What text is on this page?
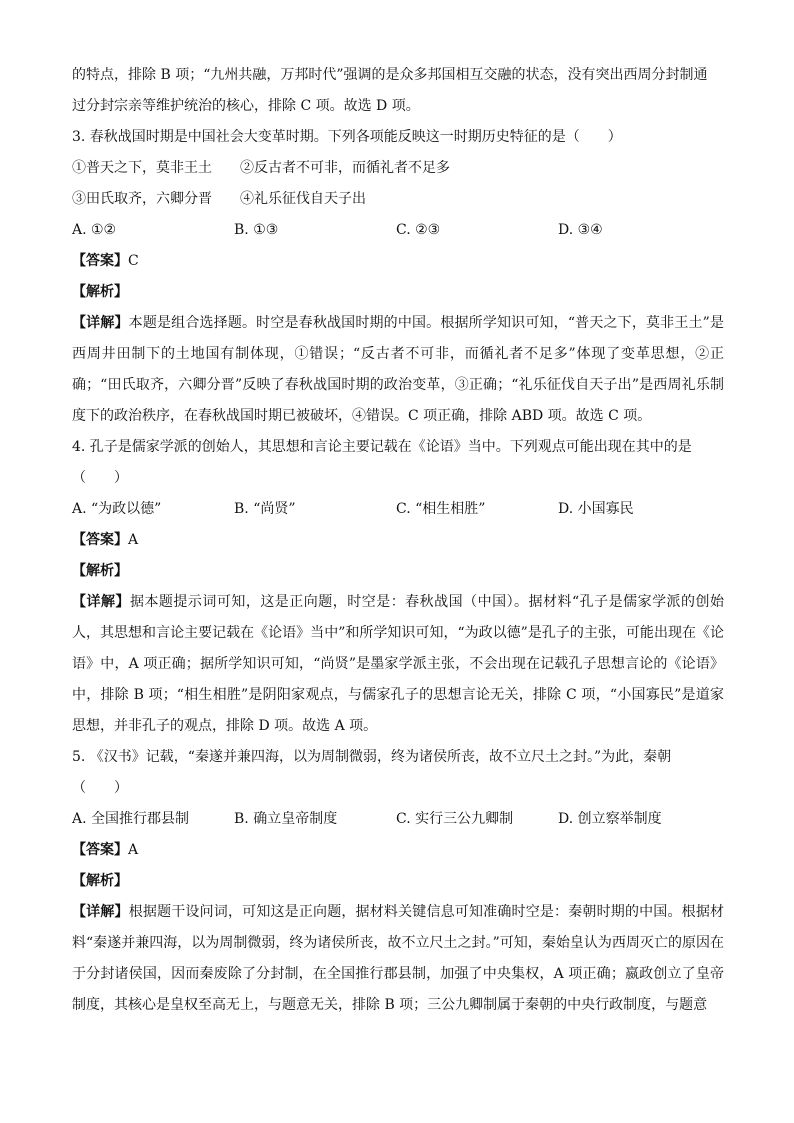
的特点，排除 B 项；“九州共融，万邦时代”强调的是众多邦国相互交融的状态，没有突出西周分封制通
过分封宗亲等维护统治的核心，排除 C 项。故选 D 项。
3. 春秋战国时期是中国社会大变革时期。下列各项能反映这一时期历史特征的是（　　）
①普天之下，莫非王土　　②反古者不可非，而循礼者不足多
③田氏取齐，六卿分晋　　④礼乐征伐自天子出
A. ①②	B. ①③	C. ②③	D. ③④
【答案】C
【解析】
【详解】本题是组合选择题。时空是春秋战国时期的中国。根据所学知识可知，“普天之下，莫非王土”是西周井田制下的土地国有制体现，①错误；“反古者不可非，而循礼者不足多”体现了变革思想，②正确；“田氏取齐，六卿分晋”反映了春秋战国时期的政治变革，③正确；“礼乐征伐自天子出”是西周礼乐制度下的政治秩序，在春秋战国时期已被破坏，④错误。C 项正确，排除 ABD 项。故选 C 项。
4. 孔子是儒家学派的创始人，其思想和言论主要记载在《论语》当中。下列观点可能出现在其中的是
（　　）
A. “为政以德”	B. “尚贤”	C. “相生相胜”	D. 小国寡民
【答案】A
【解析】
【详解】据本题提示词可知，这是正向题，时空是：春秋战国（中国）。据材料“孔子是儒家学派的创始人，其思想和言论主要记载在《论语》当中”和所学知识可知，“为政以德”是孔子的主张，可能出现在《论语》中，A 项正确；据所学知识可知，“尚贤”是墨家学派主张，不会出现在记载孔子思想言论的《论语》中，排除 B 项；“相生相胜”是阴阳家观点，与儒家孔子的思想言论无关，排除 C 项，“小国寡民”是道家思想，并非孔子的观点，排除 D 项。故选 A 项。
5. 《汉书》记载，“秦遂并兼四海，以为周制微弱，终为诸侯所丧，故不立尺土之封。”为此，秦朝
（　　）
A. 全国推行郡县制	B. 确立皇帝制度	C. 实行三公九卿制	D. 创立察举制度
【答案】A
【解析】
【详解】根据题干设问词，可知这是正向题，据材料关键信息可知准确时空是：秦朝时期的中国。根据材料“秦遂并兼四海，以为周制微弱，终为诸侯所丧，故不立尺土之封。”可知，秦始皇认为西周灭亡的原因在于分封诸侯国，因而秦废除了分封制，在全国推行郡县制，加强了中央集权，A 项正确；嬴政创立了皇帝制度，其核心是皇权至高无上，与题意无关，排除 B 项；三公九卿制属于秦朝的中央行政制度，与题意
